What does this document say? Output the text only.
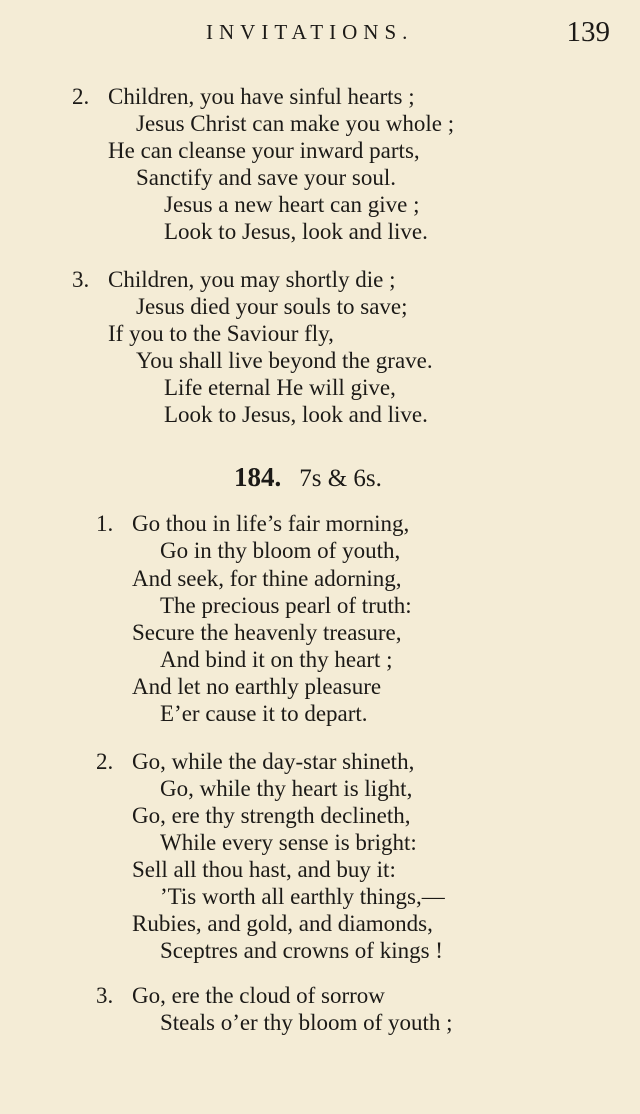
INVITATIONS.	139
2. Children, you have sinful hearts ;
Jesus Christ can make you whole ;
He can cleanse your inward parts,
Sanctify and save your soul.
Jesus a new heart can give ;
Look to Jesus, look and live.
3. Children, you may shortly die ;
Jesus died your souls to save;
If you to the Saviour fly,
You shall live beyond the grave.
Life eternal He will give,
Look to Jesus, look and live.
184. 7s & 6s.
1. Go thou in life’s fair morning,
Go in thy bloom of youth,
And seek, for thine adorning,
The precious pearl of truth:
Secure the heavenly treasure,
And bind it on thy heart ;
And let no earthly pleasure
E’er cause it to depart.
2. Go, while the day-star shineth,
Go, while thy heart is light,
Go, ere thy strength declineth,
While every sense is bright:
Sell all thou hast, and buy it:
’Tis worth all earthly things,—
Rubies, and gold, and diamonds,
Sceptres and crowns of kings !
3. Go, ere the cloud of sorrow
Steals o’er thy bloom of youth ;
